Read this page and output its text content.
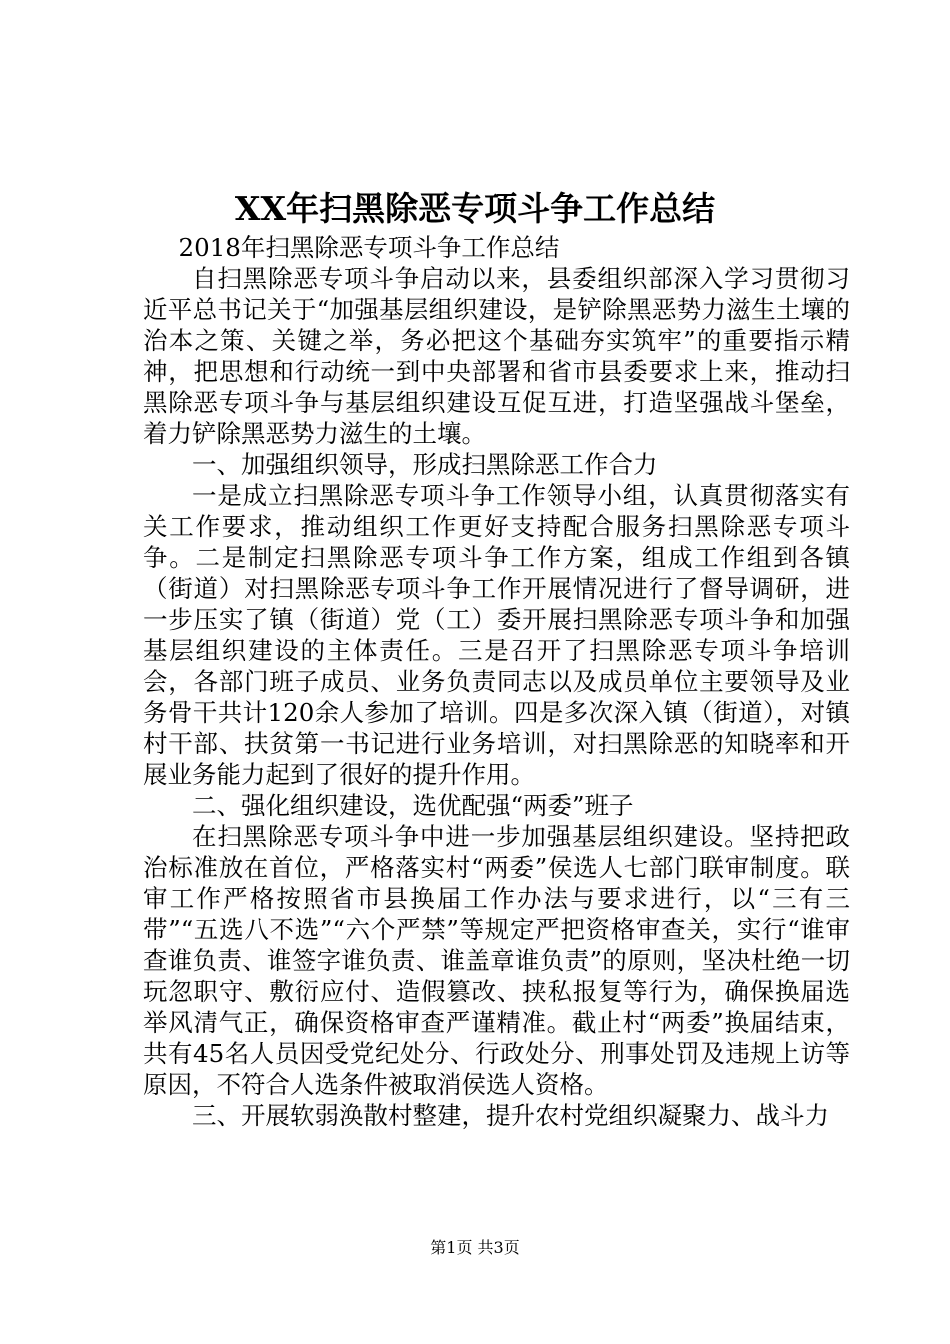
XX年扫黑除恶专项斗争工作总结

2018年扫黑除恶专项斗争工作总结

自扫黑除恶专项斗争启动以来，县委组织部深入学习贯彻习近平总书记关于“加强基层组织建设，是铲除黑恶势力滋生土壤的治本之策、关键之举，务必把这个基础夯实筑牢”的重要指示精神，把思想和行动统一到中央部署和省市县委要求上来，推动扫黑除恶专项斗争与基层组织建设互促互进，打造坚强战斗堡垒，着力铲除黑恶势力滋生的土壤。

一、加强组织领导，形成扫黑除恶工作合力

一是成立扫黑除恶专项斗争工作领导小组，认真贯彻落实有关工作要求，推动组织工作更好支持配合服务扫黑除恶专项斗争。二是制定扫黑除恶专项斗争工作方案，组成工作组到各镇（街道）对扫黑除恶专项斗争工作开展情况进行了督导调研，进一步压实了镇（街道）党（工）委开展扫黑除恶专项斗争和加强基层组织建设的主体责任。三是召开了扫黑除恶专项斗争培训会，各部门班子成员、业务负责同志以及成员单位主要领导及业务骨干共计120余人参加了培训。四是多次深入镇（街道），对镇村干部、扶贫第一书记进行业务培训，对扫黑除恶的知晓率和开展业务能力起到了很好的提升作用。

二、强化组织建设，选优配强“两委”班子

在扫黑除恶专项斗争中进一步加强基层组织建设。坚持把政治标准放在首位，严格落实村“两委”侯选人七部门联审制度。联审工作严格按照省市县换届工作办法与要求进行，以“三有三带”“五选八不选”“六个严禁”等规定严把资格审查关，实行“谁审查谁负责、谁签字谁负责、谁盖章谁负责”的原则，坚决杜绝一切玩忽职守、敷衍应付、造假篡改、挟私报复等行为，确保换届选举风清气正，确保资格审查严谨精准。截止村“两委”换届结束，共有45名人员因受党纪处分、行政处分、刑事处罚及违规上访等原因，不符合人选条件被取消侯选人资格。

三、开展软弱涣散村整建，提升农村党组织凝聚力、战斗力

第1页 共3页
